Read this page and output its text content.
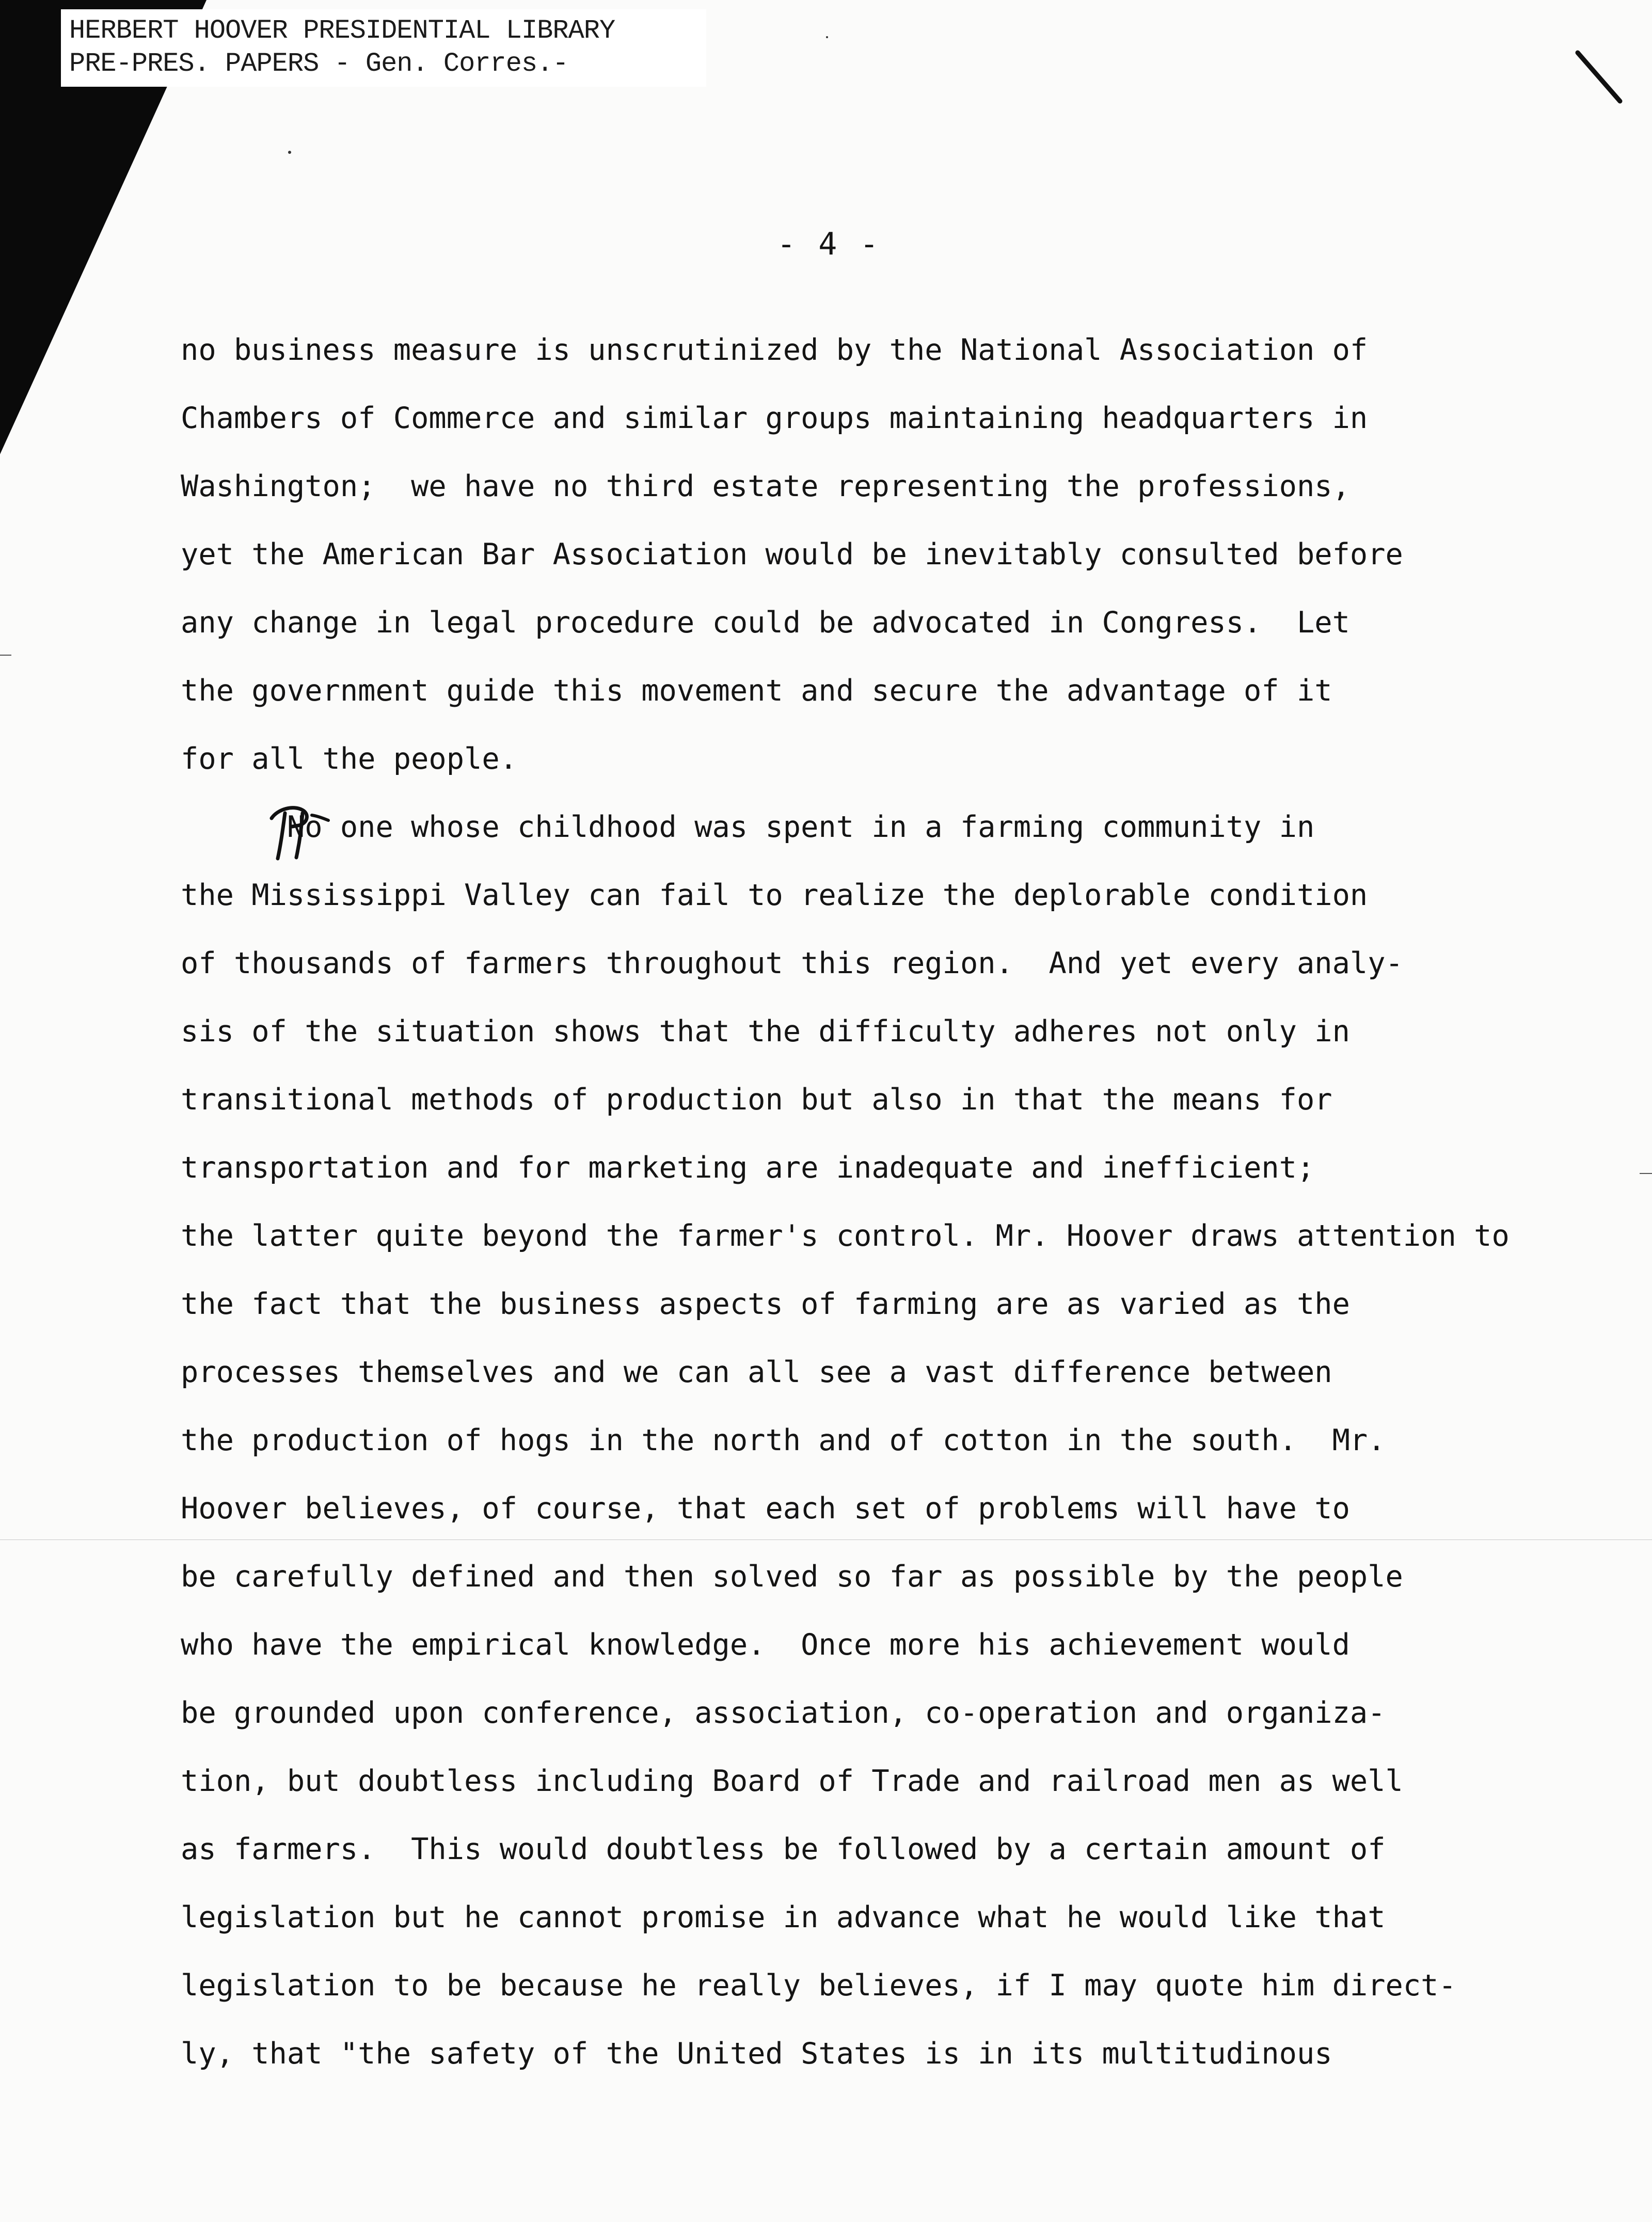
HERBERT HOOVER PRESIDENTIAL LIBRARY
PRE-PRES. PAPERS - Gen. Corres.-
- 4 -
no business measure is unscrutinized by the National Association of
Chambers of Commerce and similar groups maintaining headquarters in
Washington;  we have no third estate representing the professions,
yet the American Bar Association would be inevitably consulted before
any change in legal procedure could be advocated in Congress.  Let
the government guide this movement and secure the advantage of it
for all the people.
No one whose childhood was spent in a farming community in
the Mississippi Valley can fail to realize the deplorable condition
of thousands of farmers throughout this region.  And yet every analy-
sis of the situation shows that the difficulty adheres not only in
transitional methods of production but also in that the means for
transportation and for marketing are inadequate and inefficient;
the latter quite beyond the farmer's control. Mr. Hoover draws attention to
the fact that the business aspects of farming are as varied as the
processes themselves and we can all see a vast difference between
the production of hogs in the north and of cotton in the south.  Mr.
Hoover believes, of course, that each set of problems will have to
be carefully defined and then solved so far as possible by the people
who have the empirical knowledge.  Once more his achievement would
be grounded upon conference, association, co-operation and organiza-
tion, but doubtless including Board of Trade and railroad men as well
as farmers.  This would doubtless be followed by a certain amount of
legislation but he cannot promise in advance what he would like that
legislation to be because he really believes, if I may quote him direct-
ly, that "the safety of the United States is in its multitudinous
